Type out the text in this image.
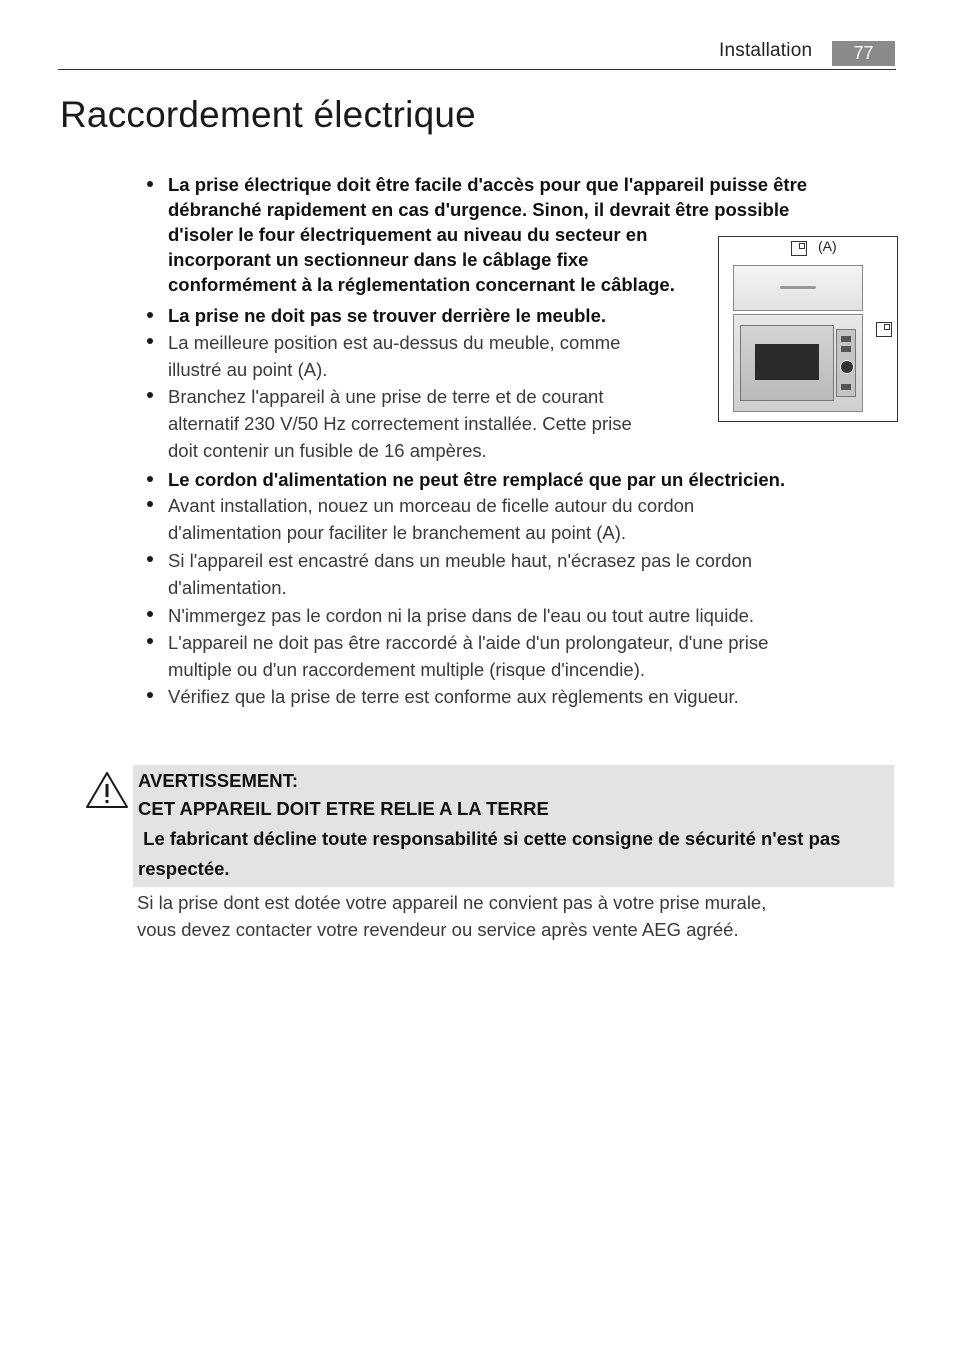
Installation	77
Raccordement électrique
La prise électrique doit être facile d'accès pour que l'appareil puisse être
débranché rapidement en cas d'urgence. Sinon, il devrait être possible
d'isoler le four électriquement au niveau du secteur en
incorporant un sectionneur dans le câblage fixe
conformément à la réglementation concernant le câblage.
La prise ne doit pas se trouver derrière le meuble.
La meilleure position est au-dessus du meuble, comme
illustré au point (A).
Branchez l'appareil à une prise de terre et de courant
alternatif 230 V/50 Hz correctement installée. Cette prise
doit contenir un fusible de 16 ampères.
Le cordon d'alimentation ne peut être remplacé que par un électricien.
Avant installation, nouez un morceau de ficelle autour du cordon
d'alimentation pour faciliter le branchement au point (A).
Si l'appareil est encastré dans un meuble haut, n'écrasez pas le cordon
d'alimentation.
N'immergez pas le cordon ni la prise dans de l'eau ou tout autre liquide.
L'appareil ne doit pas être raccordé à l'aide d'un prolongateur, d'une prise
multiple ou d'un raccordement multiple (risque d'incendie).
Vérifiez que la prise de terre est conforme aux règlements en vigueur.
(A)
AVERTISSEMENT:
CET APPAREIL DOIT ETRE RELIE A LA TERRE
Le fabricant décline toute responsabilité si cette consigne de sécurité n'est pas
respectée.
Si la prise dont est dotée votre appareil ne convient pas à votre prise murale,
vous devez contacter votre revendeur ou service après vente AEG agréé.
